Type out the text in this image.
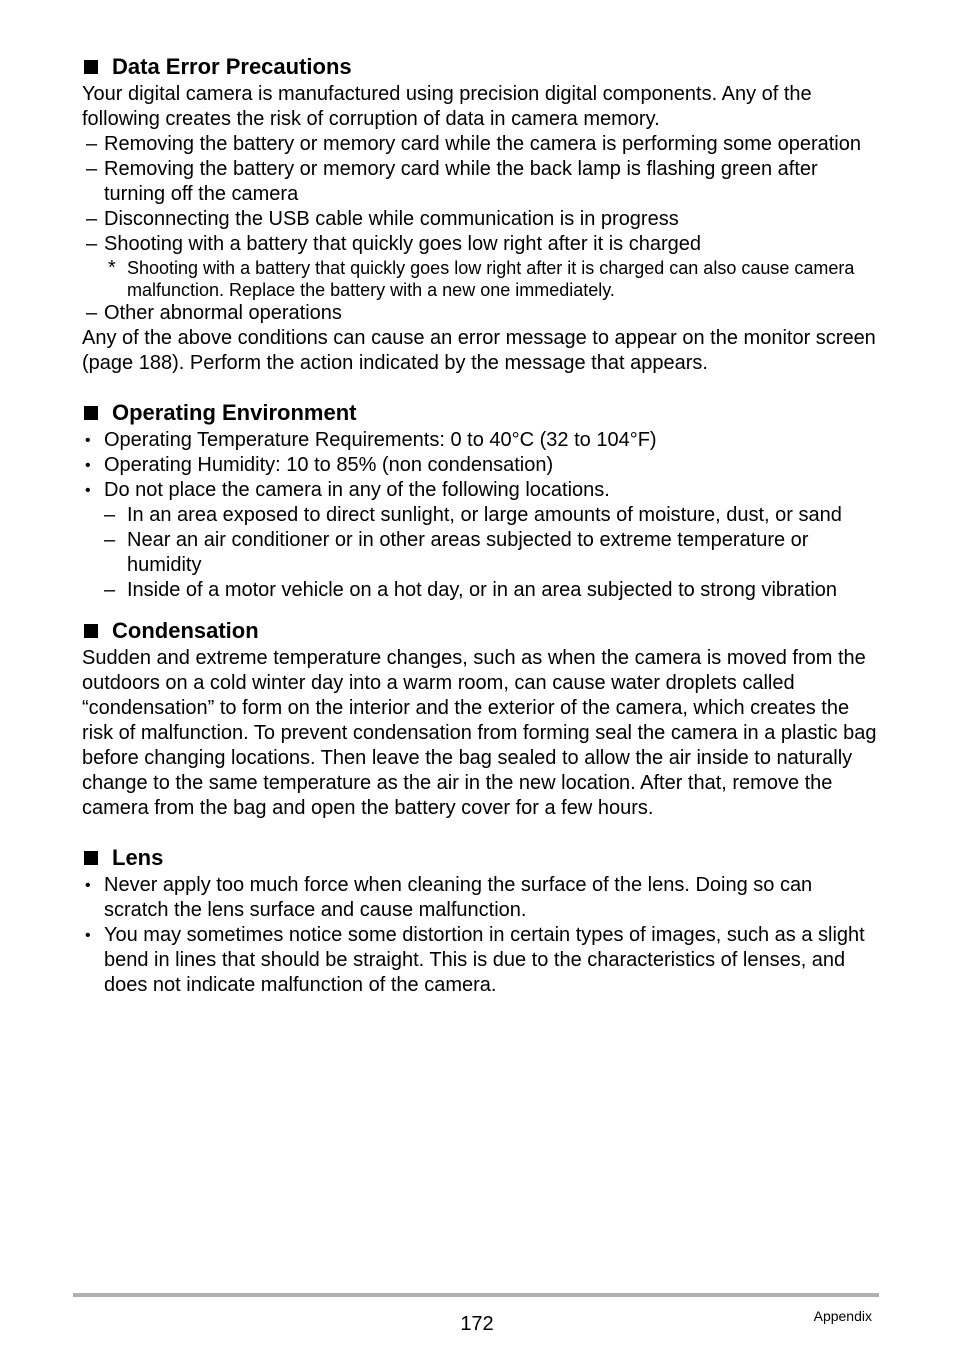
Data Error Precautions

Your digital camera is manufactured using precision digital components. Any of the following creates the risk of corruption of data in camera memory.

– Removing the battery or memory card while the camera is performing some operation
– Removing the battery or memory card while the back lamp is flashing green after turning off the camera
– Disconnecting the USB cable while communication is in progress
– Shooting with a battery that quickly goes low right after it is charged
* Shooting with a battery that quickly goes low right after it is charged can also cause camera malfunction. Replace the battery with a new one immediately.
– Other abnormal operations

Any of the above conditions can cause an error message to appear on the monitor screen (page 188). Perform the action indicated by the message that appears.

Operating Environment
• Operating Temperature Requirements: 0 to 40°C (32 to 104°F)
• Operating Humidity: 10 to 85% (non condensation)
• Do not place the camera in any of the following locations.
– In an area exposed to direct sunlight, or large amounts of moisture, dust, or sand
– Near an air conditioner or in other areas subjected to extreme temperature or humidity
– Inside of a motor vehicle on a hot day, or in an area subjected to strong vibration
Condensation

Sudden and extreme temperature changes, such as when the camera is moved from the outdoors on a cold winter day into a warm room, can cause water droplets called “condensation” to form on the interior and the exterior of the camera, which creates the risk of malfunction. To prevent condensation from forming seal the camera in a plastic bag before changing locations. Then leave the bag sealed to allow the air inside to naturally change to the same temperature as the air in the new location. After that, remove the camera from the bag and open the battery cover for a few hours.

Lens
• Never apply too much force when cleaning the surface of the lens. Doing so can scratch the lens surface and cause malfunction.
• You may sometimes notice some distortion in certain types of images, such as a slight bend in lines that should be straight. This is due to the characteristics of lenses, and does not indicate malfunction of the camera.
172	Appendix
